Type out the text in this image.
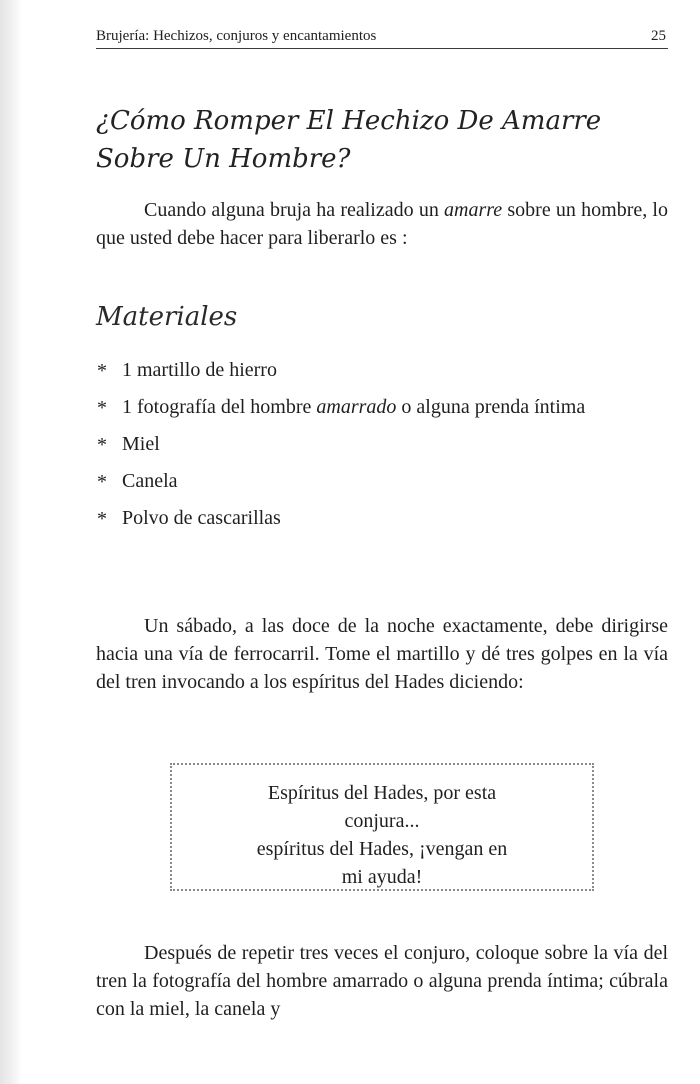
Brujería: Hechizos, conjuros y encantamientos	25
¿Cómo Romper El Hechizo De Amarre Sobre Un Hombre?

Cuando alguna bruja ha realizado un amarre sobre un hombre, lo que usted debe hacer para liberarlo es :

Materiales
* 1 martillo de hierro
* 1 fotografía del hombre amarrado o alguna prenda íntima
* Miel
* Canela
* Polvo de cascarillas

Un sábado, a las doce de la noche exactamente, debe dirigirse hacia una vía de ferrocarril. Tome el martillo y dé tres golpes en la vía del tren invocando a los espíritus del Hades diciendo:

Espíritus del Hades, por esta
conjura...
espíritus del Hades, ¡vengan en
mi ayuda!

Después de repetir tres veces el conjuro, coloque sobre la vía del tren la fotografía del hombre amarrado o alguna prenda íntima; cúbrala con la miel, la canela y
